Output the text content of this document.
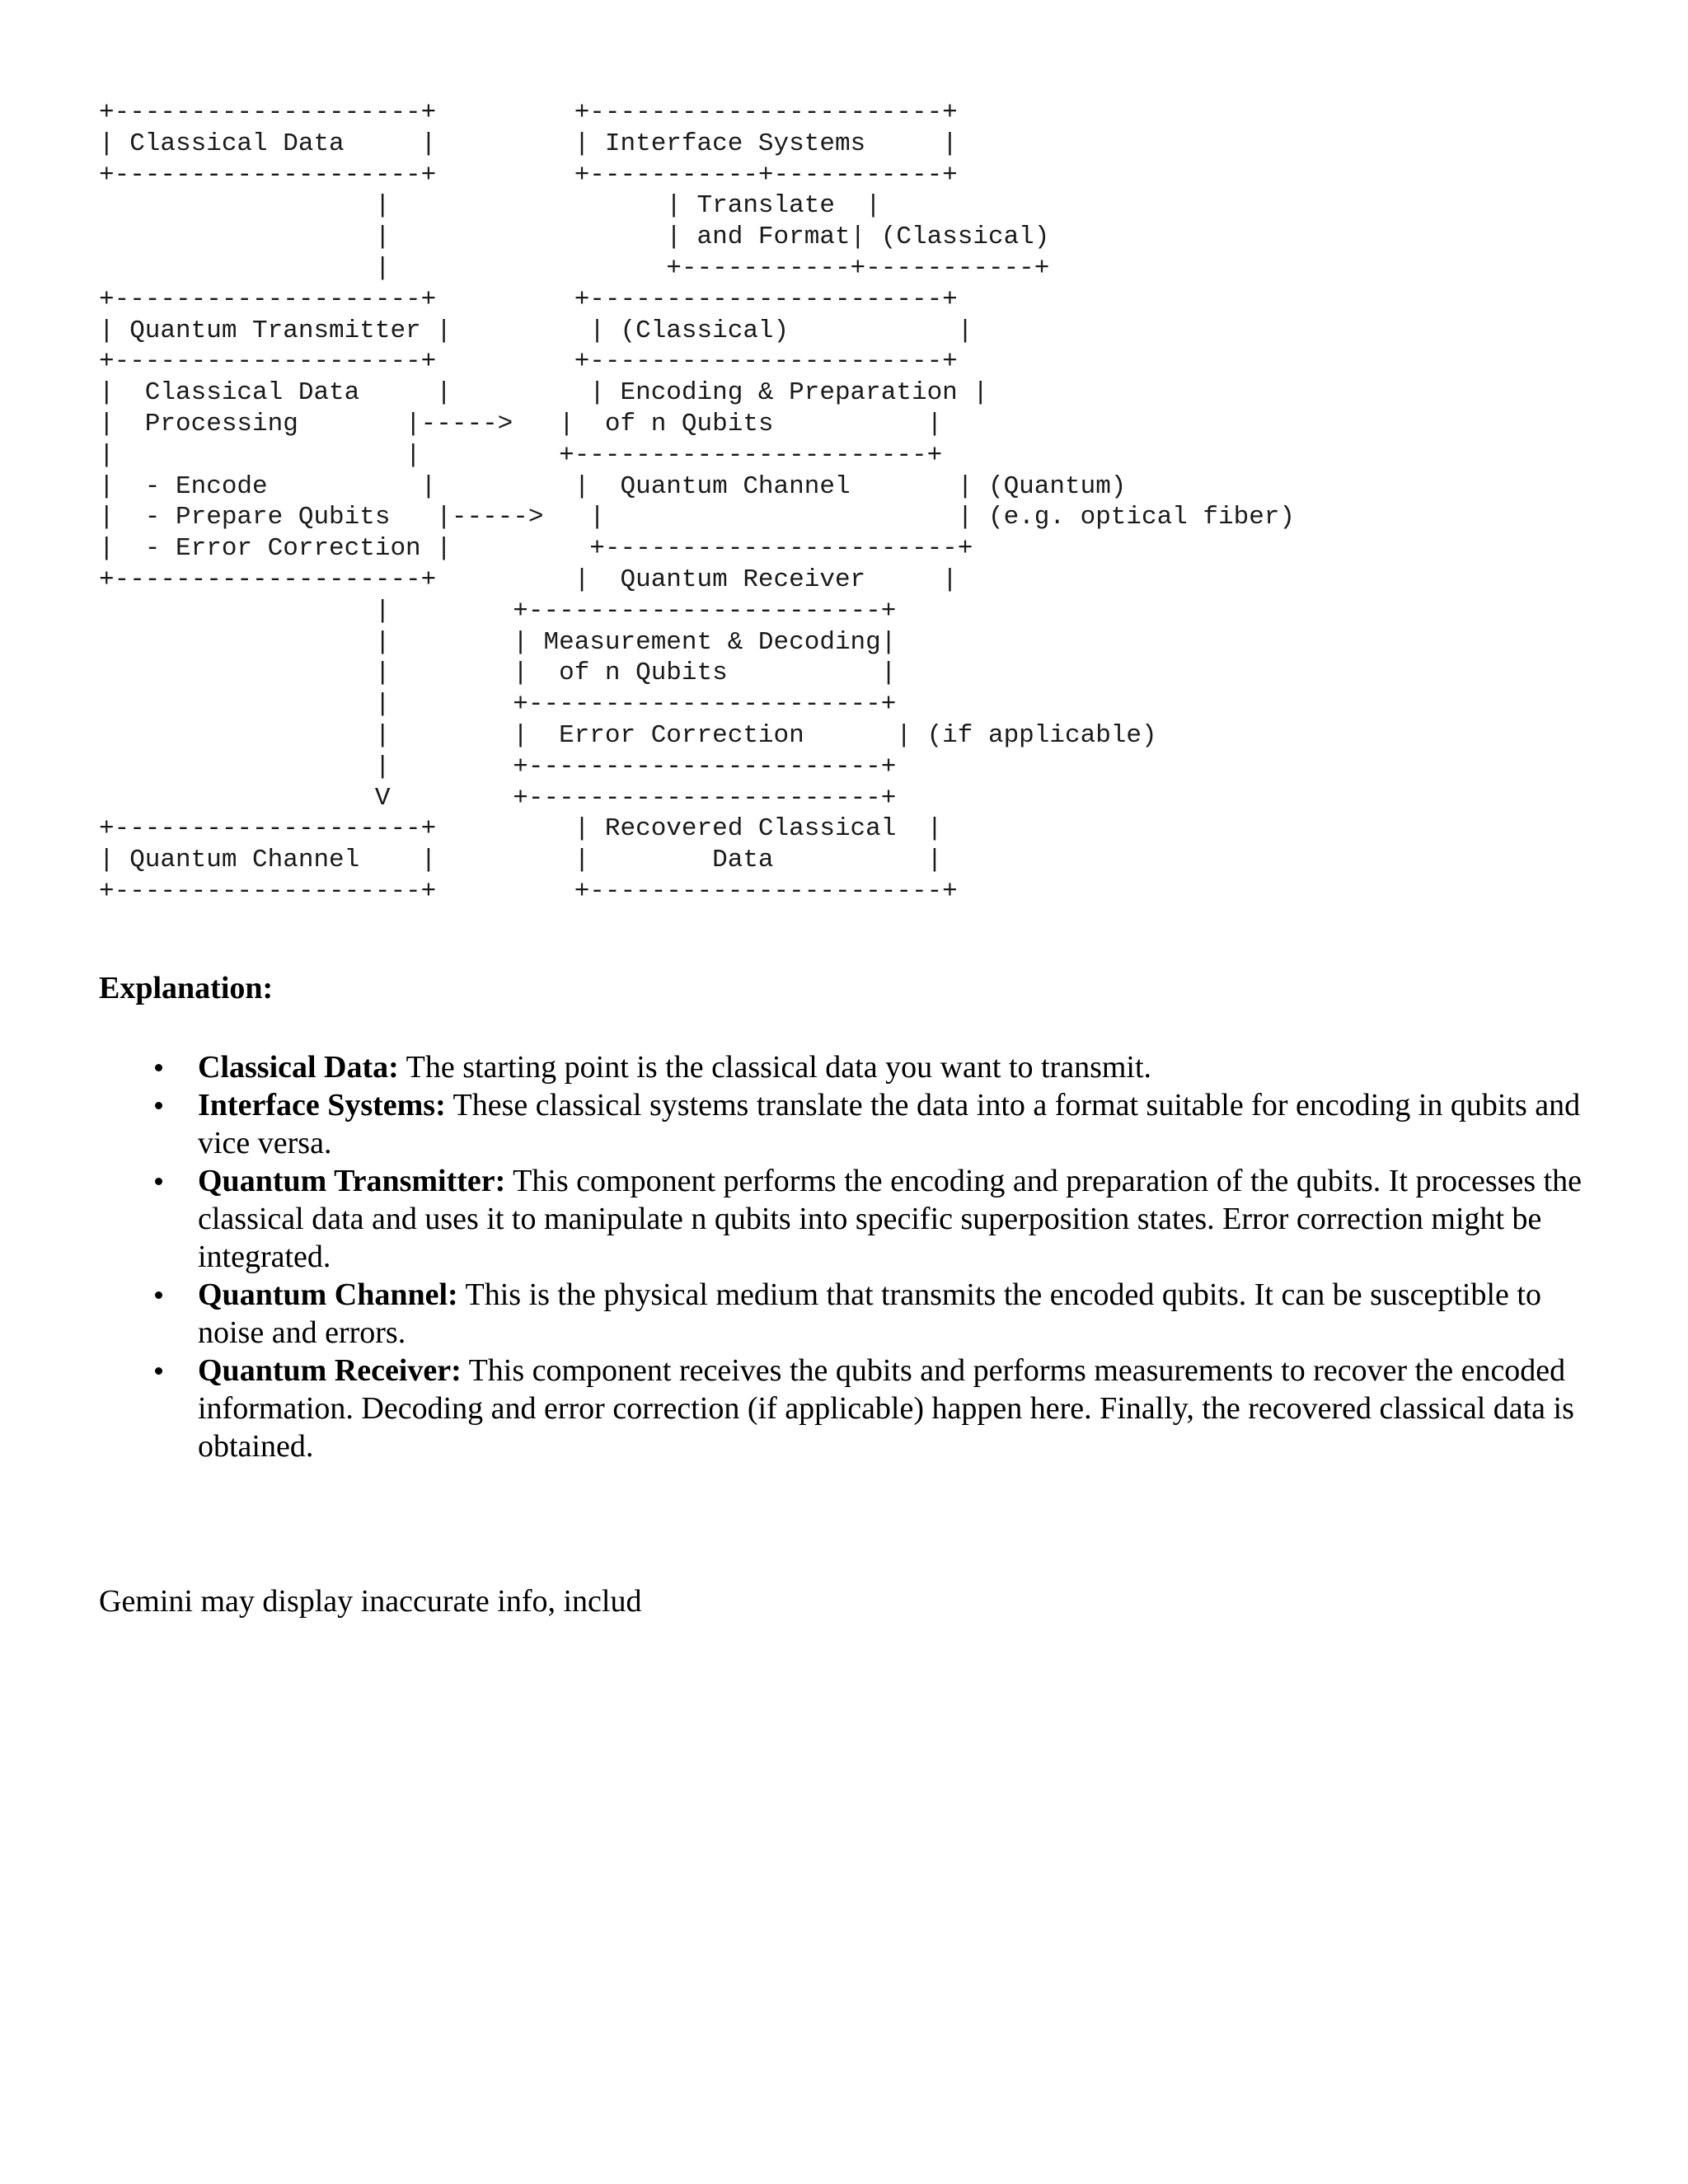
+--------------------+         +-----------------------+
| Classical Data     |         | Interface Systems     |
+--------------------+         +-----------+-----------+
|                  | Translate  |
|                  | and Format| (Classical)
|                  +-----------+-----------+
+--------------------+         +-----------------------+
| Quantum Transmitter |         | (Classical)           |
+--------------------+         +-----------------------+
|  Classical Data     |         | Encoding & Preparation |
|  Processing       |----->   |  of n Qubits          |
|                   |         +-----------------------+
|  - Encode          |         |  Quantum Channel       | (Quantum)
|  - Prepare Qubits   |----->   |                       | (e.g. optical fiber)
|  - Error Correction |         +-----------------------+
+--------------------+         |  Quantum Receiver     |
|        +-----------------------+
|        | Measurement & Decoding|
|        |  of n Qubits          |
|        +-----------------------+
|        |  Error Correction      | (if applicable)
|        +-----------------------+
V        +-----------------------+
+--------------------+         | Recovered Classical  |
| Quantum Channel    |         |        Data          |
+--------------------+         +-----------------------+

Explanation:

Classical Data: The starting point is the classical data you want to transmit.
Interface Systems: These classical systems translate the data into a format suitable for encoding in qubits and vice versa.
Quantum Transmitter: This component performs the encoding and preparation of the qubits. It processes the classical data and uses it to manipulate n qubits into specific superposition states. Error correction might be integrated.
Quantum Channel: This is the physical medium that transmits the encoded qubits. It can be susceptible to noise and errors.
Quantum Receiver: This component receives the qubits and performs measurements to recover the encoded information. Decoding and error correction (if applicable) happen here. Finally, the recovered classical data is obtained.

Gemini may display inaccurate info, includ
